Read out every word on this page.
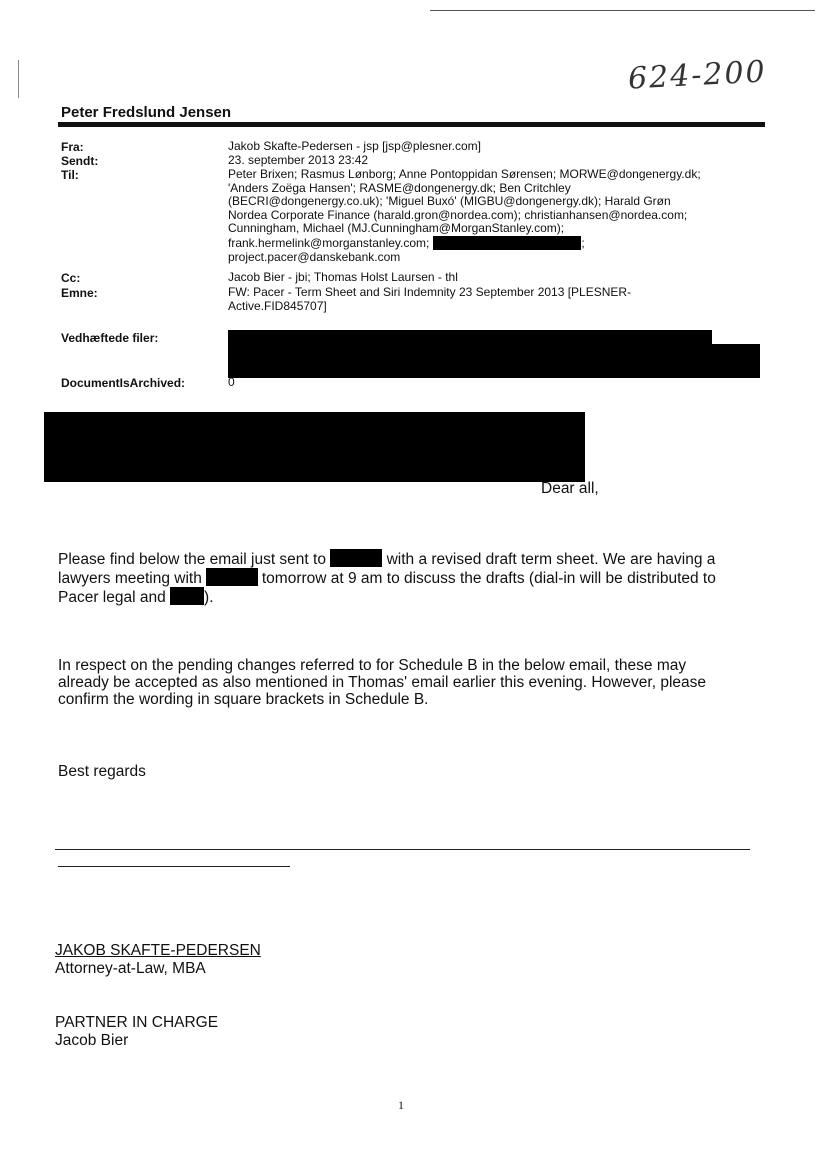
624-200
Peter Fredslund Jensen
Fra:	Jakob Skafte-Pedersen - jsp [jsp@plesner.com]
Sendt:	23. september 2013 23:42
Til:	Peter Brixen; Rasmus Lønborg; Anne Pontoppidan Sørensen; MORWE@dongenergy.dk;
'Anders Zoëga Hansen'; RASME@dongenergy.dk; Ben Critchley
(BECRI@dongenergy.co.uk); 'Miguel Buxó' (MIGBU@dongenergy.dk); Harald Grøn
Nordea Corporate Finance (harald.gron@nordea.com); christianhansen@nordea.com;
Cunningham, Michael (MJ.Cunningham@MorganStanley.com);
frank.hermelink@morganstanley.com;	;
project.pacer@danskebank.com
Cc:	Jacob Bier - jbi; Thomas Holst Laursen - thl
Emne:	FW: Pacer - Term Sheet and Siri Indemnity 23 September 2013 [PLESNER-
Active.FID845707]
Vedhæftede filer:
DocumentIsArchived:	0
Dear all,
Please find below the email just sent to	with a revised draft term sheet. We are having a
lawyers meeting with	tomorrow at 9 am to discuss the drafts (dial-in will be distributed to
Pacer legal and ).
In respect on the pending changes referred to for Schedule B in the below email, these may
already be accepted as also mentioned in Thomas' email earlier this evening. However, please
confirm the wording in square brackets in Schedule B.
Best regards
JAKOB SKAFTE-PEDERSEN
Attorney-at-Law, MBA
PARTNER IN CHARGE
Jacob Bier
1
